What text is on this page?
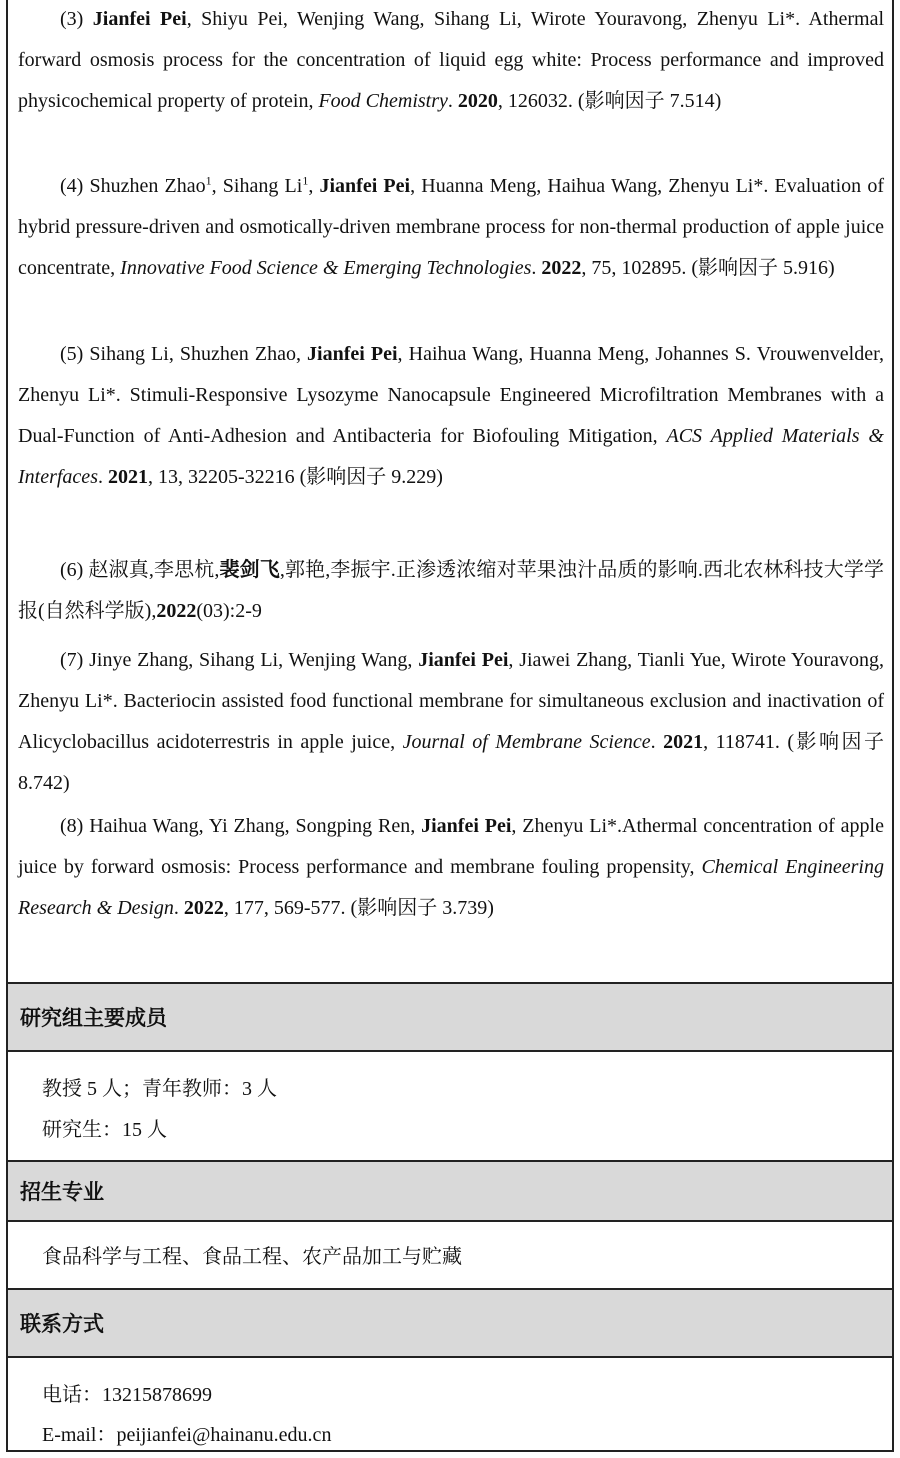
(3) Jianfei Pei, Shiyu Pei, Wenjing Wang, Sihang Li, Wirote Youravong, Zhenyu Li*. Athermal forward osmosis process for the concentration of liquid egg white: Process performance and improved physicochemical property of protein, Food Chemistry. 2020, 126032. (影响因子 7.514)
(4) Shuzhen Zhao$^1$, Sihang Li$^1$, Jianfei Pei, Huanna Meng, Haihua Wang, Zhenyu Li*. Evaluation of hybrid pressure-driven and osmotically-driven membrane process for non-thermal production of apple juice concentrate, Innovative Food Science & Emerging Technologies. 2022, 75, 102895. (影响因子 5.916)
(5) Sihang Li, Shuzhen Zhao, Jianfei Pei, Haihua Wang, Huanna Meng, Johannes S. Vrouwenvelder, Zhenyu Li*. Stimuli-Responsive Lysozyme Nanocapsule Engineered Microfiltration Membranes with a Dual-Function of Anti-Adhesion and Antibacteria for Biofouling Mitigation, ACS Applied Materials & Interfaces. 2021, 13, 32205-32216 (影响因子 9.229)
(6) 赵淑真,李思杭,裴剑飞,郭艳,李振宇.正渗透浓缩对苹果浊汁品质的影响.西北农林科技大学学报(自然科学版),2022(03):2-9
(7) Jinye Zhang, Sihang Li, Wenjing Wang, Jianfei Pei, Jiawei Zhang, Tianli Yue, Wirote Youravong, Zhenyu Li*. Bacteriocin assisted food functional membrane for simultaneous exclusion and inactivation of Alicyclobacillus acidoterrestris in apple juice, Journal of Membrane Science. 2021, 118741. (影响因子 8.742)
(8) Haihua Wang, Yi Zhang, Songping Ren, Jianfei Pei, Zhenyu Li*.Athermal concentration of apple juice by forward osmosis: Process performance and membrane fouling propensity, Chemical Engineering Research & Design. 2022, 177, 569-577. (影响因子 3.739)
研究组主要成员
教授 5 人；青年教师：3 人
研究生：15 人
招生专业
食品科学与工程、食品工程、农产品加工与贮藏
联系方式
电话：13215878699
E-mail：peijianfei@hainanu.edu.cn
